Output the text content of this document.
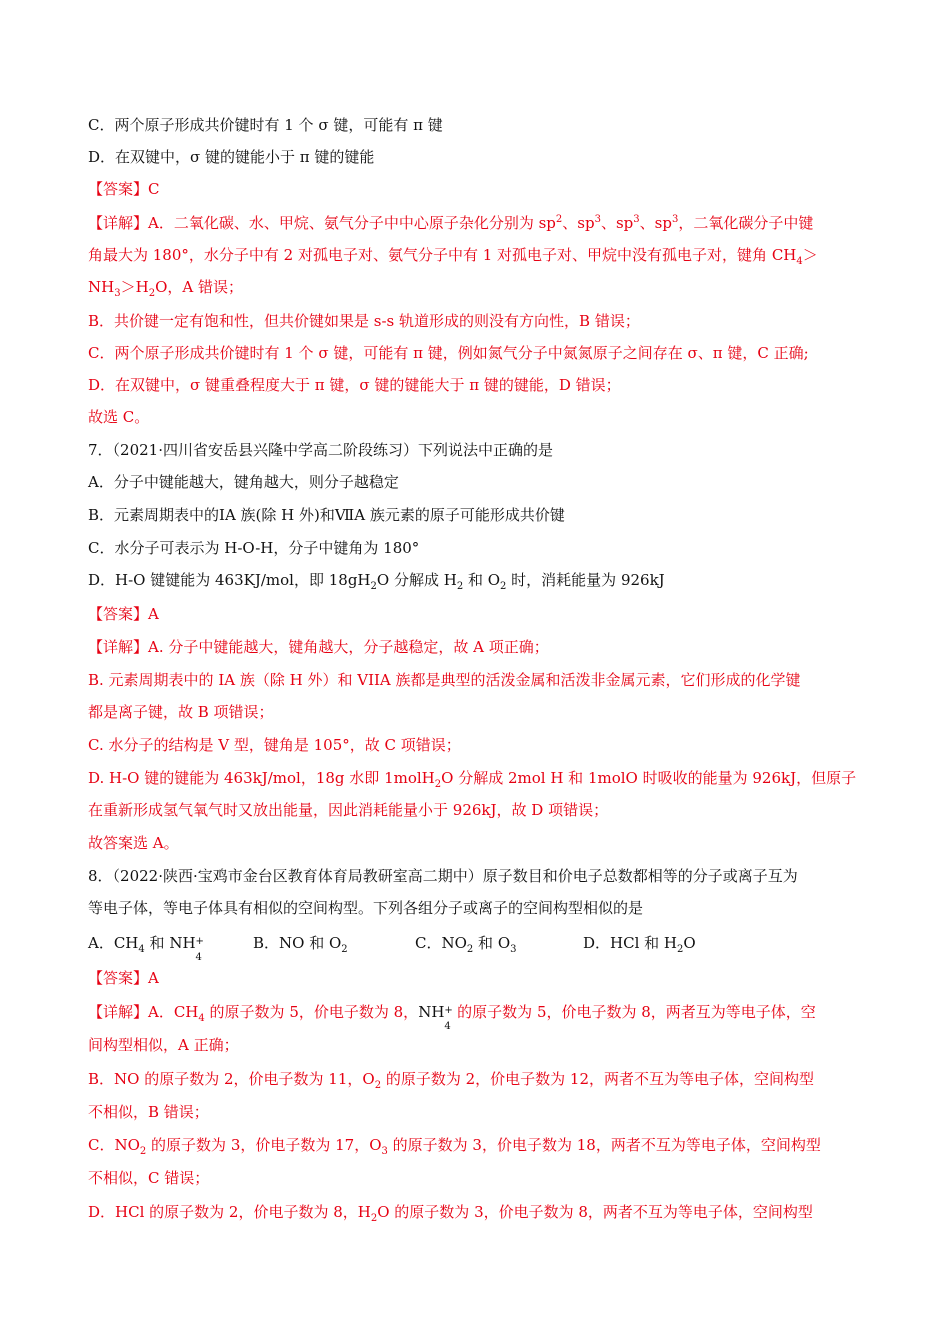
C．两个原子形成共价键时有 1 个 σ 键，可能有 π 键
D．在双键中，σ 键的键能小于 π 键的键能
【答案】C
【详解】A．二氧化碳、水、甲烷、氨气分子中中心原子杂化分别为 $sp^2$、$sp^3$、$sp^3$、$sp^3$，二氧化碳分子中键
角最大为 180°，水分子中有 2 对孤电子对、氨气分子中有 1 对孤电子对、甲烷中没有孤电子对，键角 $CH_4>$
$NH_3>H_2O$，A 错误；
B．共价键一定有饱和性，但共价键如果是 s-s 轨道形成的则没有方向性，B 错误；
C．两个原子形成共价键时有 1 个 σ 键，可能有 π 键，例如氮气分子中氮氮原子之间存在 σ、π 键，C 正确;
D．在双键中，σ 键重叠程度大于 π 键，σ 键的键能大于 π 键的键能，D 错误；
故选 C。
7．（2021·四川省安岳县兴隆中学高二阶段练习）下列说法中正确的是
A．分子中键能越大，键角越大，则分子越稳定
B．元素周期表中的ⅠA 族(除 H 外)和ⅦA 族元素的原子可能形成共价键
C．水分子可表示为 H-O-H，分子中键角为 180°
D．H-O 键键能为 463KJ/mol，即 $18gH_2O$ 分解成 $H_2$ 和 $O_2$ 时，消耗能量为 926kJ
【答案】A
【详解】A. 分子中键能越大，键角越大，分子越稳定，故 A 项正确；
B. 元素周期表中的 IA 族（除 H 外）和 VIIA 族都是典型的活泼金属和活泼非金属元素，它们形成的化学键
都是离子键，故 B 项错误；
C. 水分子的结构是 V 型，键角是 105°，故 C 项错误；
D. H-O 键的键能为 463kJ/mol，18g 水即 1molH$_2$O 分解成 2mol H 和 1molO 时吸收的能量为 926kJ，但原子
在重新形成氢气氧气时又放出能量，因此消耗能量小于 926kJ，故 D 项错误；
故答案选 A。
8．（2022·陕西·宝鸡市金台区教育体育局教研室高二期中）原子数目和价电子总数都相等的分子或离子互为
等电子体，等电子体具有相似的空间构型。下列各组分子或离子的空间构型相似的是
A．$CH_4$ 和 NH +
4
B．NO 和 $O_2$	C．$NO_2$ 和 $O_3$	D．HCl 和 $H_2O$
【答案】A
【详解】A．$CH_4$ 的原子数为 5，价电子数为 8，NH +
4
的原子数为 5，价电子数为 8，两者互为等电子体，空
间构型相似，A 正确；
B．NO 的原子数为 2，价电子数为 11，$O_2$ 的原子数为 2，价电子数为 12，两者不互为等电子体，空间构型
不相似，B 错误；
C．$NO_2$ 的原子数为 3，价电子数为 17，$O_3$ 的原子数为 3，价电子数为 18，两者不互为等电子体，空间构型
不相似，C 错误；
D．HCl 的原子数为 2，价电子数为 8，$H_2O$ 的原子数为 3，价电子数为 8，两者不互为等电子体，空间构型
